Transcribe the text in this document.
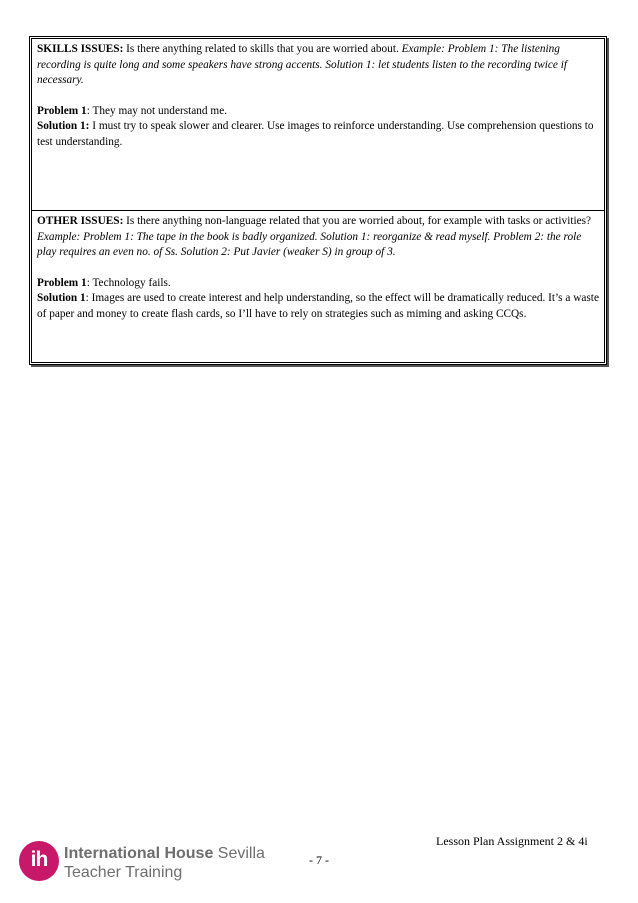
SKILLS ISSUES: Is there anything related to skills that you are worried about. Example: Problem 1: The listening recording is quite long and some speakers have strong accents. Solution 1: let students listen to the recording twice if necessary.
Problem 1: They may not understand me.
Solution 1: I must try to speak slower and clearer. Use images to reinforce understanding. Use comprehension questions to test understanding.
OTHER ISSUES: Is there anything non-language related that you are worried about, for example with tasks or activities? Example: Problem 1: The tape in the book is badly organized. Solution 1: reorganize & read myself. Problem 2: the role play requires an even no. of Ss. Solution 2: Put Javier (weaker S) in group of 3.
Problem 1: Technology fails.
Solution 1: Images are used to create interest and help understanding, so the effect will be dramatically reduced. It’s a waste of paper and money to create flash cards, so I’ll have to rely on strategies such as miming and asking CCQs.
Lesson Plan Assignment 2 & 4i
- 7 -
ih	International House Sevilla
Teacher Training
